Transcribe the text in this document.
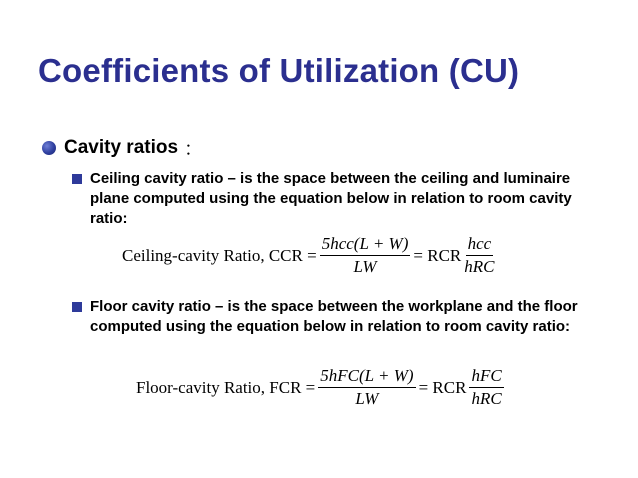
Coefficients of Utilization (CU)
Cavity ratios ：
Ceiling cavity ratio – is the space between the ceiling and luminaire plane computed using the equation below in relation to room cavity ratio:
Ceiling-cavity Ratio, CCR = $\frac{\text{5hcc(L + W)}}{LW}$ = RCR $\frac{\text{hcc}}{\text{hRC}}$
Floor cavity ratio – is the space between the workplane and the floor computed using the equation below in relation to room cavity ratio:
Floor-cavity Ratio, FCR = $\frac{\text{5hFC(L + W)}}{LW}$ = RCR $\frac{\text{hFC}}{\text{hRC}}$
